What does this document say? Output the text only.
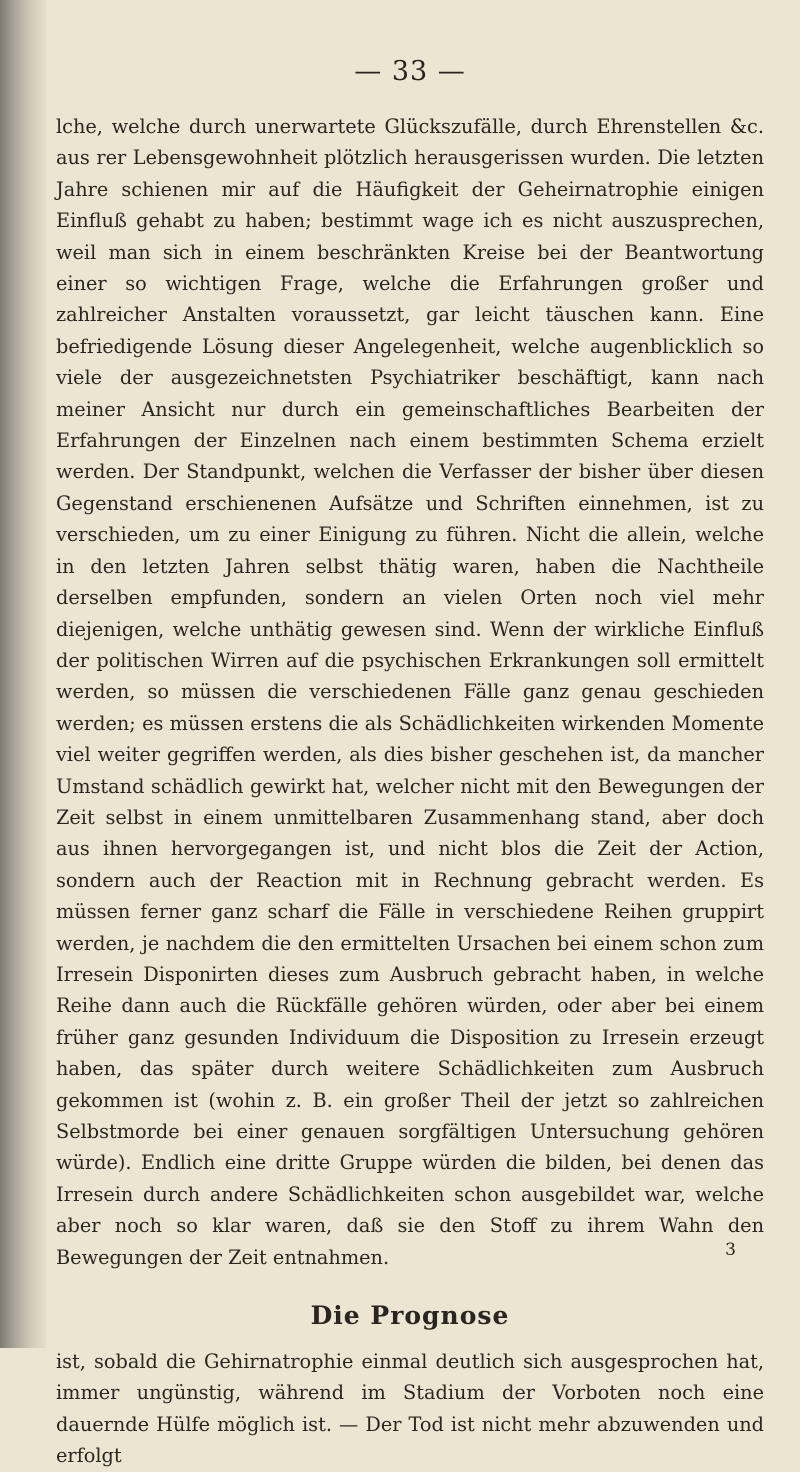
— 33 —

lche, welche durch unerwartete Glückszufälle, durch Ehrenstellen &c. aus rer Lebensgewohnheit plötzlich herausgerissen wurden. Die letzten Jahre schienen mir auf die Häufigkeit der Geheirnatrophie einigen Einfluß gehabt zu haben; bestimmt wage ich es nicht auszusprechen, weil man sich in einem beschränkten Kreise bei der Beantwortung einer so wichtigen Frage, welche die Erfahrungen großer und zahlreicher Anstalten voraussetzt, gar leicht täuschen kann. Eine befriedigende Lösung dieser Angelegenheit, welche augenblicklich so viele der ausgezeichnetsten Psychiatriker beschäftigt, kann nach meiner Ansicht nur durch ein gemeinschaftliches Bearbeiten der Erfahrungen der Einzelnen nach einem bestimmten Schema erzielt werden. Der Standpunkt, welchen die Verfasser der bisher über diesen Gegenstand erschienenen Aufsätze und Schriften einnehmen, ist zu verschieden, um zu einer Einigung zu führen. Nicht die allein, welche in den letzten Jahren selbst thätig waren, haben die Nachtheile derselben empfunden, sondern an vielen Orten noch viel mehr diejenigen, welche unthätig gewesen sind. Wenn der wirkliche Einfluß der politischen Wirren auf die psychischen Erkrankungen soll ermittelt werden, so müssen die verschiedenen Fälle ganz genau geschieden werden; es müssen erstens die als Schädlichkeiten wirkenden Momente viel weiter gegriffen werden, als dies bisher geschehen ist, da mancher Umstand schädlich gewirkt hat, welcher nicht mit den Bewegungen der Zeit selbst in einem unmittelbaren Zusammenhang stand, aber doch aus ihnen hervorgegangen ist, und nicht blos die Zeit der Action, sondern auch der Reaction mit in Rechnung gebracht werden. Es müssen ferner ganz scharf die Fälle in verschiedene Reihen gruppirt werden, je nachdem die den ermittelten Ursachen bei einem schon zum Irresein Disponirten dieses zum Ausbruch gebracht haben, in welche Reihe dann auch die Rückfälle gehören würden, oder aber bei einem früher ganz gesunden Individuum die Disposition zu Irresein erzeugt haben, das später durch weitere Schädlichkeiten zum Ausbruch gekommen ist (wohin z. B. ein großer Theil der jetzt so zahlreichen Selbstmorde bei einer genauen sorgfältigen Untersuchung gehören würde). Endlich eine dritte Gruppe würden die bilden, bei denen das Irresein durch andere Schädlichkeiten schon ausgebildet war, welche aber noch so klar waren, daß sie den Stoff zu ihrem Wahn den Bewegungen der Zeit entnahmen.

Die Prognose

ist, sobald die Gehirnatrophie einmal deutlich sich ausgesprochen hat, immer ungünstig, während im Stadium der Vorboten noch eine dauernde Hülfe möglich ist. — Der Tod ist nicht mehr abzuwenden und erfolgt

3
